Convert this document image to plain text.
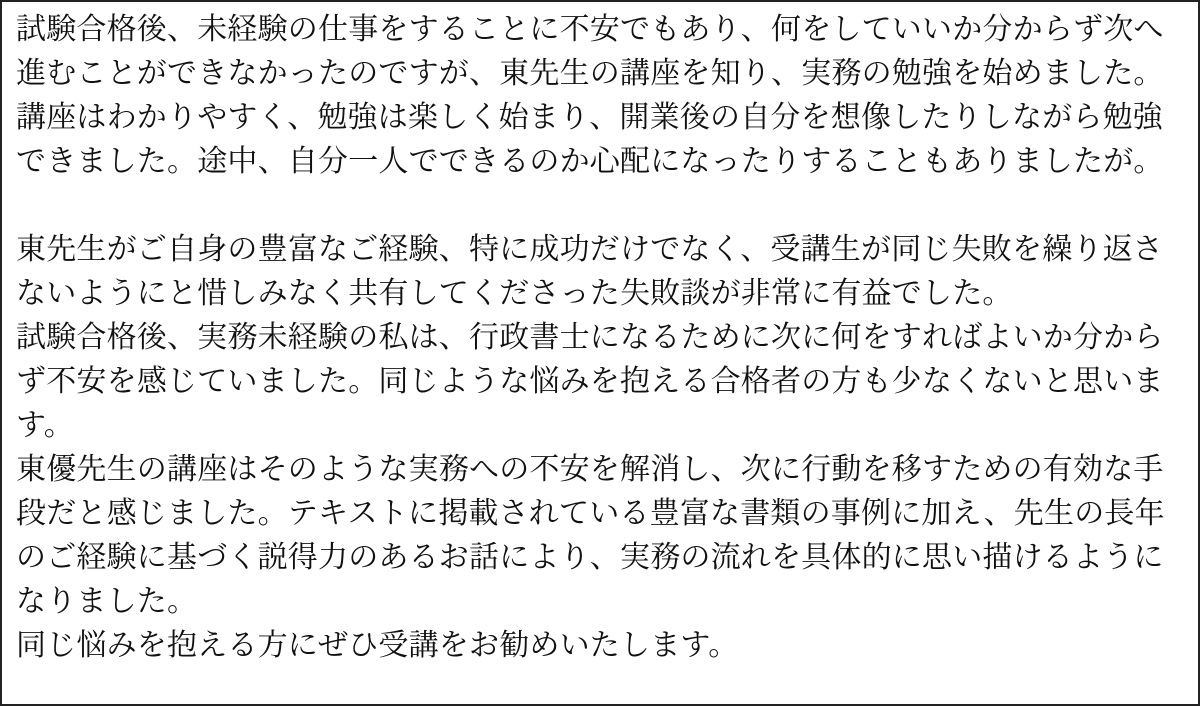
試験合格後、未経験の仕事をすることに不安でもあり、何をしていいか分からず次へ進むことができなかったのですが、東先生の講座を知り、実務の勉強を始めました。

講座はわかりやすく、勉強は楽しく始まり、開業後の自分を想像したりしながら勉強できました。途中、自分一人でできるのか心配になったりすることもありましたが。

東先生がご自身の豊富なご経験、特に成功だけでなく、受講生が同じ失敗を繰り返さないようにと惜しみなく共有してくださった失敗談が非常に有益でした。

試験合格後、実務未経験の私は、行政書士になるために次に何をすればよいか分からず不安を感じていました。同じような悩みを抱える合格者の方も少なくないと思います。

東優先生の講座はそのような実務への不安を解消し、次に行動を移すための有効な手段だと感じました。テキストに掲載されている豊富な書類の事例に加え、先生の長年のご経験に基づく説得力のあるお話により、実務の流れを具体的に思い描けるようになりました。

同じ悩みを抱える方にぜひ受講をお勧めいたします。
